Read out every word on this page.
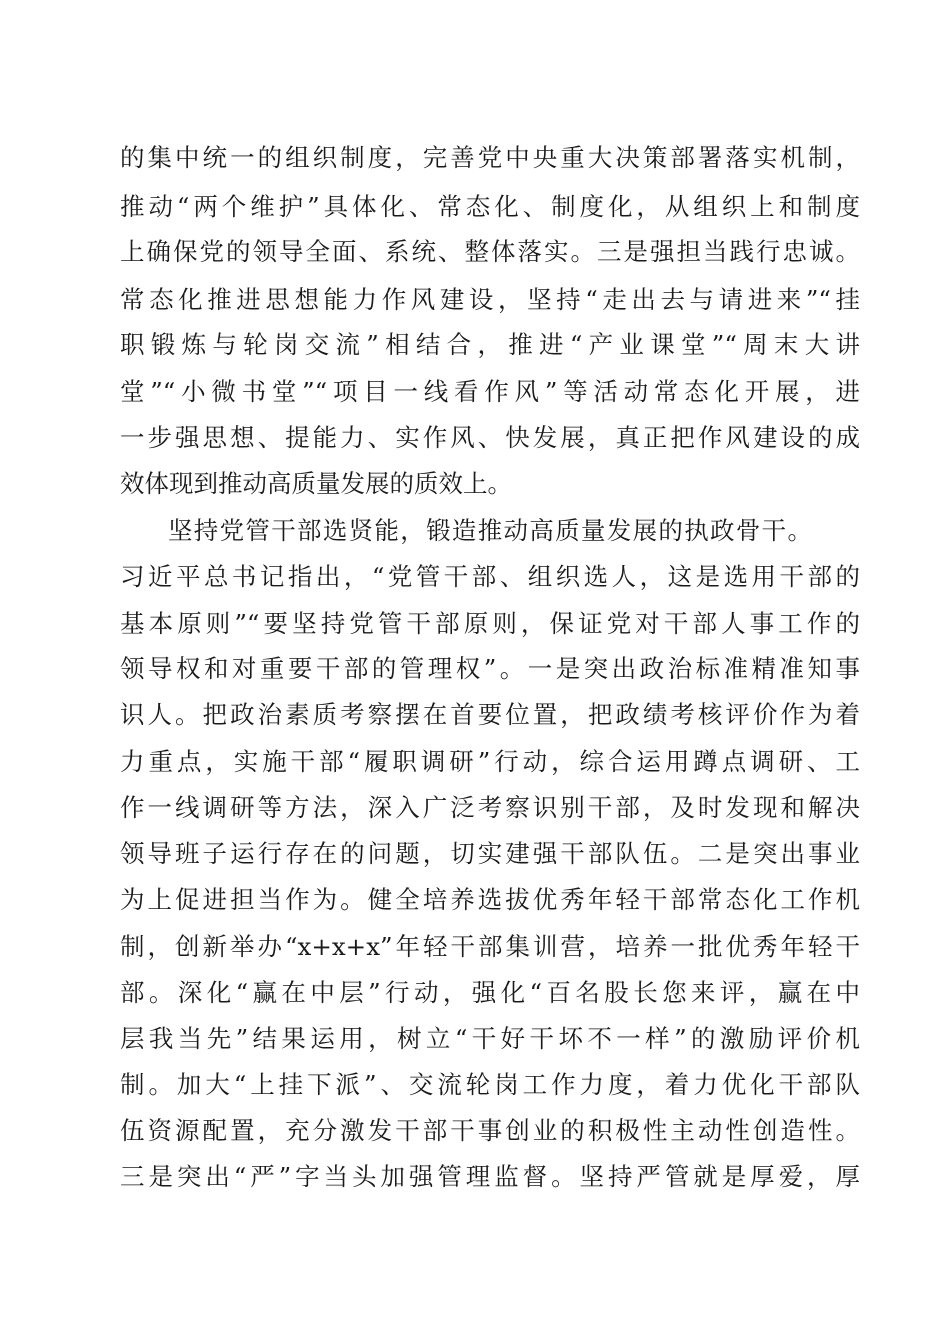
的集中统一的组织制度，完善党中央重大决策部署落实机制，
推动“两个维护”具体化、常态化、制度化，从组织上和制度
上确保党的领导全面、系统、整体落实。三是强担当践行忠诚。
常态化推进思想能力作风建设，坚持“走出去与请进来”“挂
职锻炼与轮岗交流”相结合，推进“产业课堂”“周末大讲
堂”“小微书堂”“项目一线看作风”等活动常态化开展，进
一步强思想、提能力、实作风、快发展，真正把作风建设的成
效体现到推动高质量发展的质效上。
坚持党管干部选贤能，锻造推动高质量发展的执政骨干。
习近平总书记指出，“党管干部、组织选人，这是选用干部的
基本原则”“要坚持党管干部原则，保证党对干部人事工作的
领导权和对重要干部的管理权”。一是突出政治标准精准知事
识人。把政治素质考察摆在首要位置，把政绩考核评价作为着
力重点，实施干部“履职调研”行动，综合运用蹲点调研、工
作一线调研等方法，深入广泛考察识别干部，及时发现和解决
领导班子运行存在的问题，切实建强干部队伍。二是突出事业
为上促进担当作为。健全培养选拔优秀年轻干部常态化工作机
制，创新举办“x+x+x”年轻干部集训营，培养一批优秀年轻干
部。深化“赢在中层”行动，强化“百名股长您来评，赢在中
层我当先”结果运用，树立“干好干坏不一样”的激励评价机
制。加大“上挂下派”、交流轮岗工作力度，着力优化干部队
伍资源配置，充分激发干部干事创业的积极性主动性创造性。
三是突出“严”字当头加强管理监督。坚持严管就是厚爱，厚
